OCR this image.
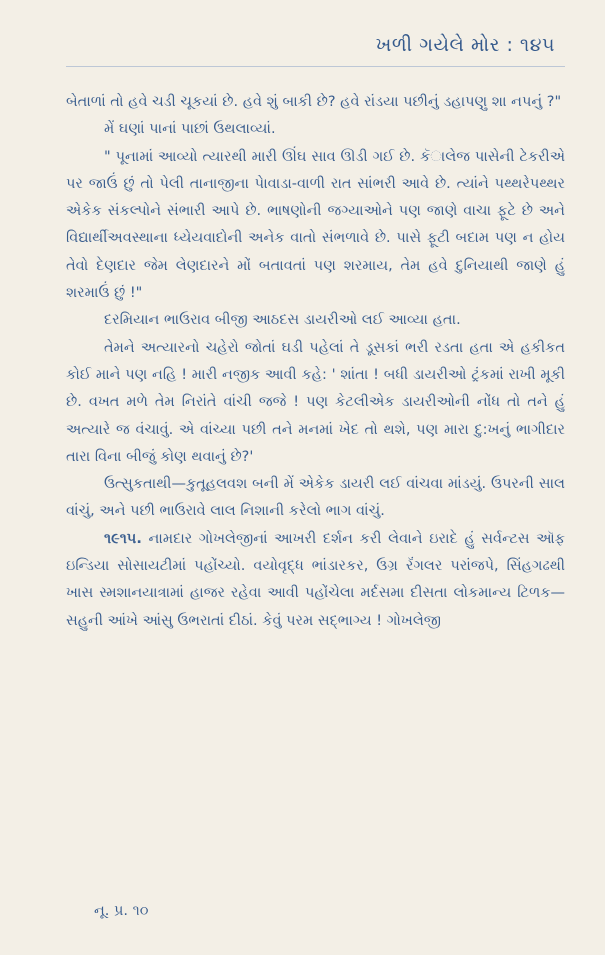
ખળી ગયેલે મોર : ૧૪૫

બેતાળાં તો હવે ચડી ચૂકયાં છે. હવે શું બાકી છે? હવે રાંડયા પછીનું ડહાપણુ શા નપનું ?"

મેં ઘણાં પાનાં પાછાં ઉથલાવ્યાં.

" પૂનામાં આવ્યો ત્યારથી મારી ઊંઘ સાવ ઊડી ગઈ છે. કૅાલેજ પાસેની ટેકરીએ પર જાઉં છું તો પેલી તાનાજીના પેાવાડા-વાળી રાત સાંભરી આવે છે. ત્યાંને પથ્થરેપથ્થર એકેક સંકલ્પોને સંભારી આપે છે. ભાષણોની જગ્યાઓને પણ જાણે વાચા ફૂટે છે અને વિદ્યાર્થીઅવસ્થાના ધ્યેયવાદોની અનેક વાતો સંભળાવે છે. પાસે ફૂટી બદામ પણ ન હોય તેવો દેણદાર જેમ લેણદારને મોં બતાવતાં પણ શરમાય, તેમ હવે દુનિયાથી જાણે હું શરમાઉં છું !"

દરમિયાન ભાઉરાવ બીજી આઠદસ ડાયરીઓ લઈ આવ્યા હતા.

તેમને અત્યારનો ચહેરો જોતાં ઘડી પહેલાં તે ડૂસકાં ભરી રડતા હતા એ હકીકત કોઈ માને પણ નહિ ! મારી નજીક આવી કહે: ' શાંતા ! બધી ડાયરીઓ ટ્રંકમાં રાખી મૂકી છે. વખત મળે તેમ નિરાંતે વાંચી જજે ! પણ કેટલીએક ડાયરીઓની નોંધ તો તને હું અત્યારે જ વંચાવું. એ વાંચ્યા પછી તને મનમાં ખેદ તો થશે, પણ મારા દુ:ખનું ભાગીદાર તારા વિના બીજું કોણ થવાનું છે?'

ઉત્સુકતાથી—કુતૂહલવશ બની મેં એકેક ડાયરી લઈ વાંચવા માંડયું. ઉપરની સાલ વાંચું, અને પછી ભાઉરાવે લાલ નિશાની કરેલો ભાગ વાંચું.

૧૯૧૫. નામદાર ગોખલેજીનાં આખરી દર્શન કરી લેવાને ઇરાદે હું સર્વન્ટસ ઑફ ઇન્ડિયા સોસાયટીમાં પહોંચ્યો. વયોવૃદ્ધ ભાંડારકર, ઉગ્ર રૅંગલર પરાંજપે, સિંહગઢથી ખાસ સ્મશાનયાત્રામાં હાજર રહેવા આવી પહોંચેલા મર્દસમા દીસતા લોકમાન્ય ટિળક—સહુની આંખે આંસુ ઉભરાતાં દીઠાં. કેવું પરમ સદ્ભાગ્ય ! ગોખલેજી

નૂ. પ્ર. ૧૦
